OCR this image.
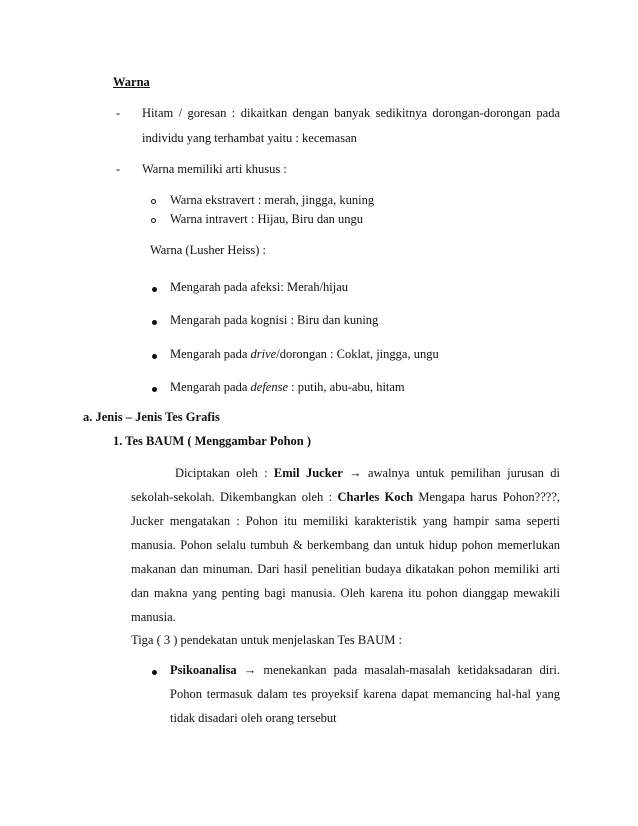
Warna
- Hitam / goresan : dikaitkan dengan banyak sedikitnya dorongan-dorongan pada
individu yang terhambat yaitu : kecemasan
- Warna memiliki arti khusus :
Warna ekstravert : merah, jingga, kuning
Warna intravert : Hijau, Biru dan ungu
Warna (Lusher Heiss) :
Mengarah pada afeksi: Merah/hijau
Mengarah pada kognisi : Biru dan kuning
Mengarah pada drive/dorongan : Coklat, jingga, ungu
Mengarah pada defense : putih, abu-abu, hitam
a. Jenis – Jenis Tes Grafis
1. Tes BAUM ( Menggambar Pohon )
Diciptakan oleh : Emil Jucker → awalnya untuk pemilihan jurusan di
sekolah-sekolah. Dikembangkan oleh : Charles Koch Mengapa harus Pohon????,
Jucker mengatakan : Pohon itu memiliki karakteristik yang hampir sama seperti
manusia. Pohon selalu tumbuh & berkembang dan untuk hidup pohon memerlukan
makanan dan minuman. Dari hasil penelitian budaya dikatakan pohon memiliki arti
dan makna yang penting bagi manusia. Oleh karena itu pohon dianggap mewakili
manusia.
Tiga ( 3 ) pendekatan untuk menjelaskan Tes BAUM :
Psikoanalisa → menekankan pada masalah-masalah ketidaksadaran diri.
Pohon termasuk dalam tes proyeksif karena dapat memancing hal-hal yang
tidak disadari oleh orang tersebut
